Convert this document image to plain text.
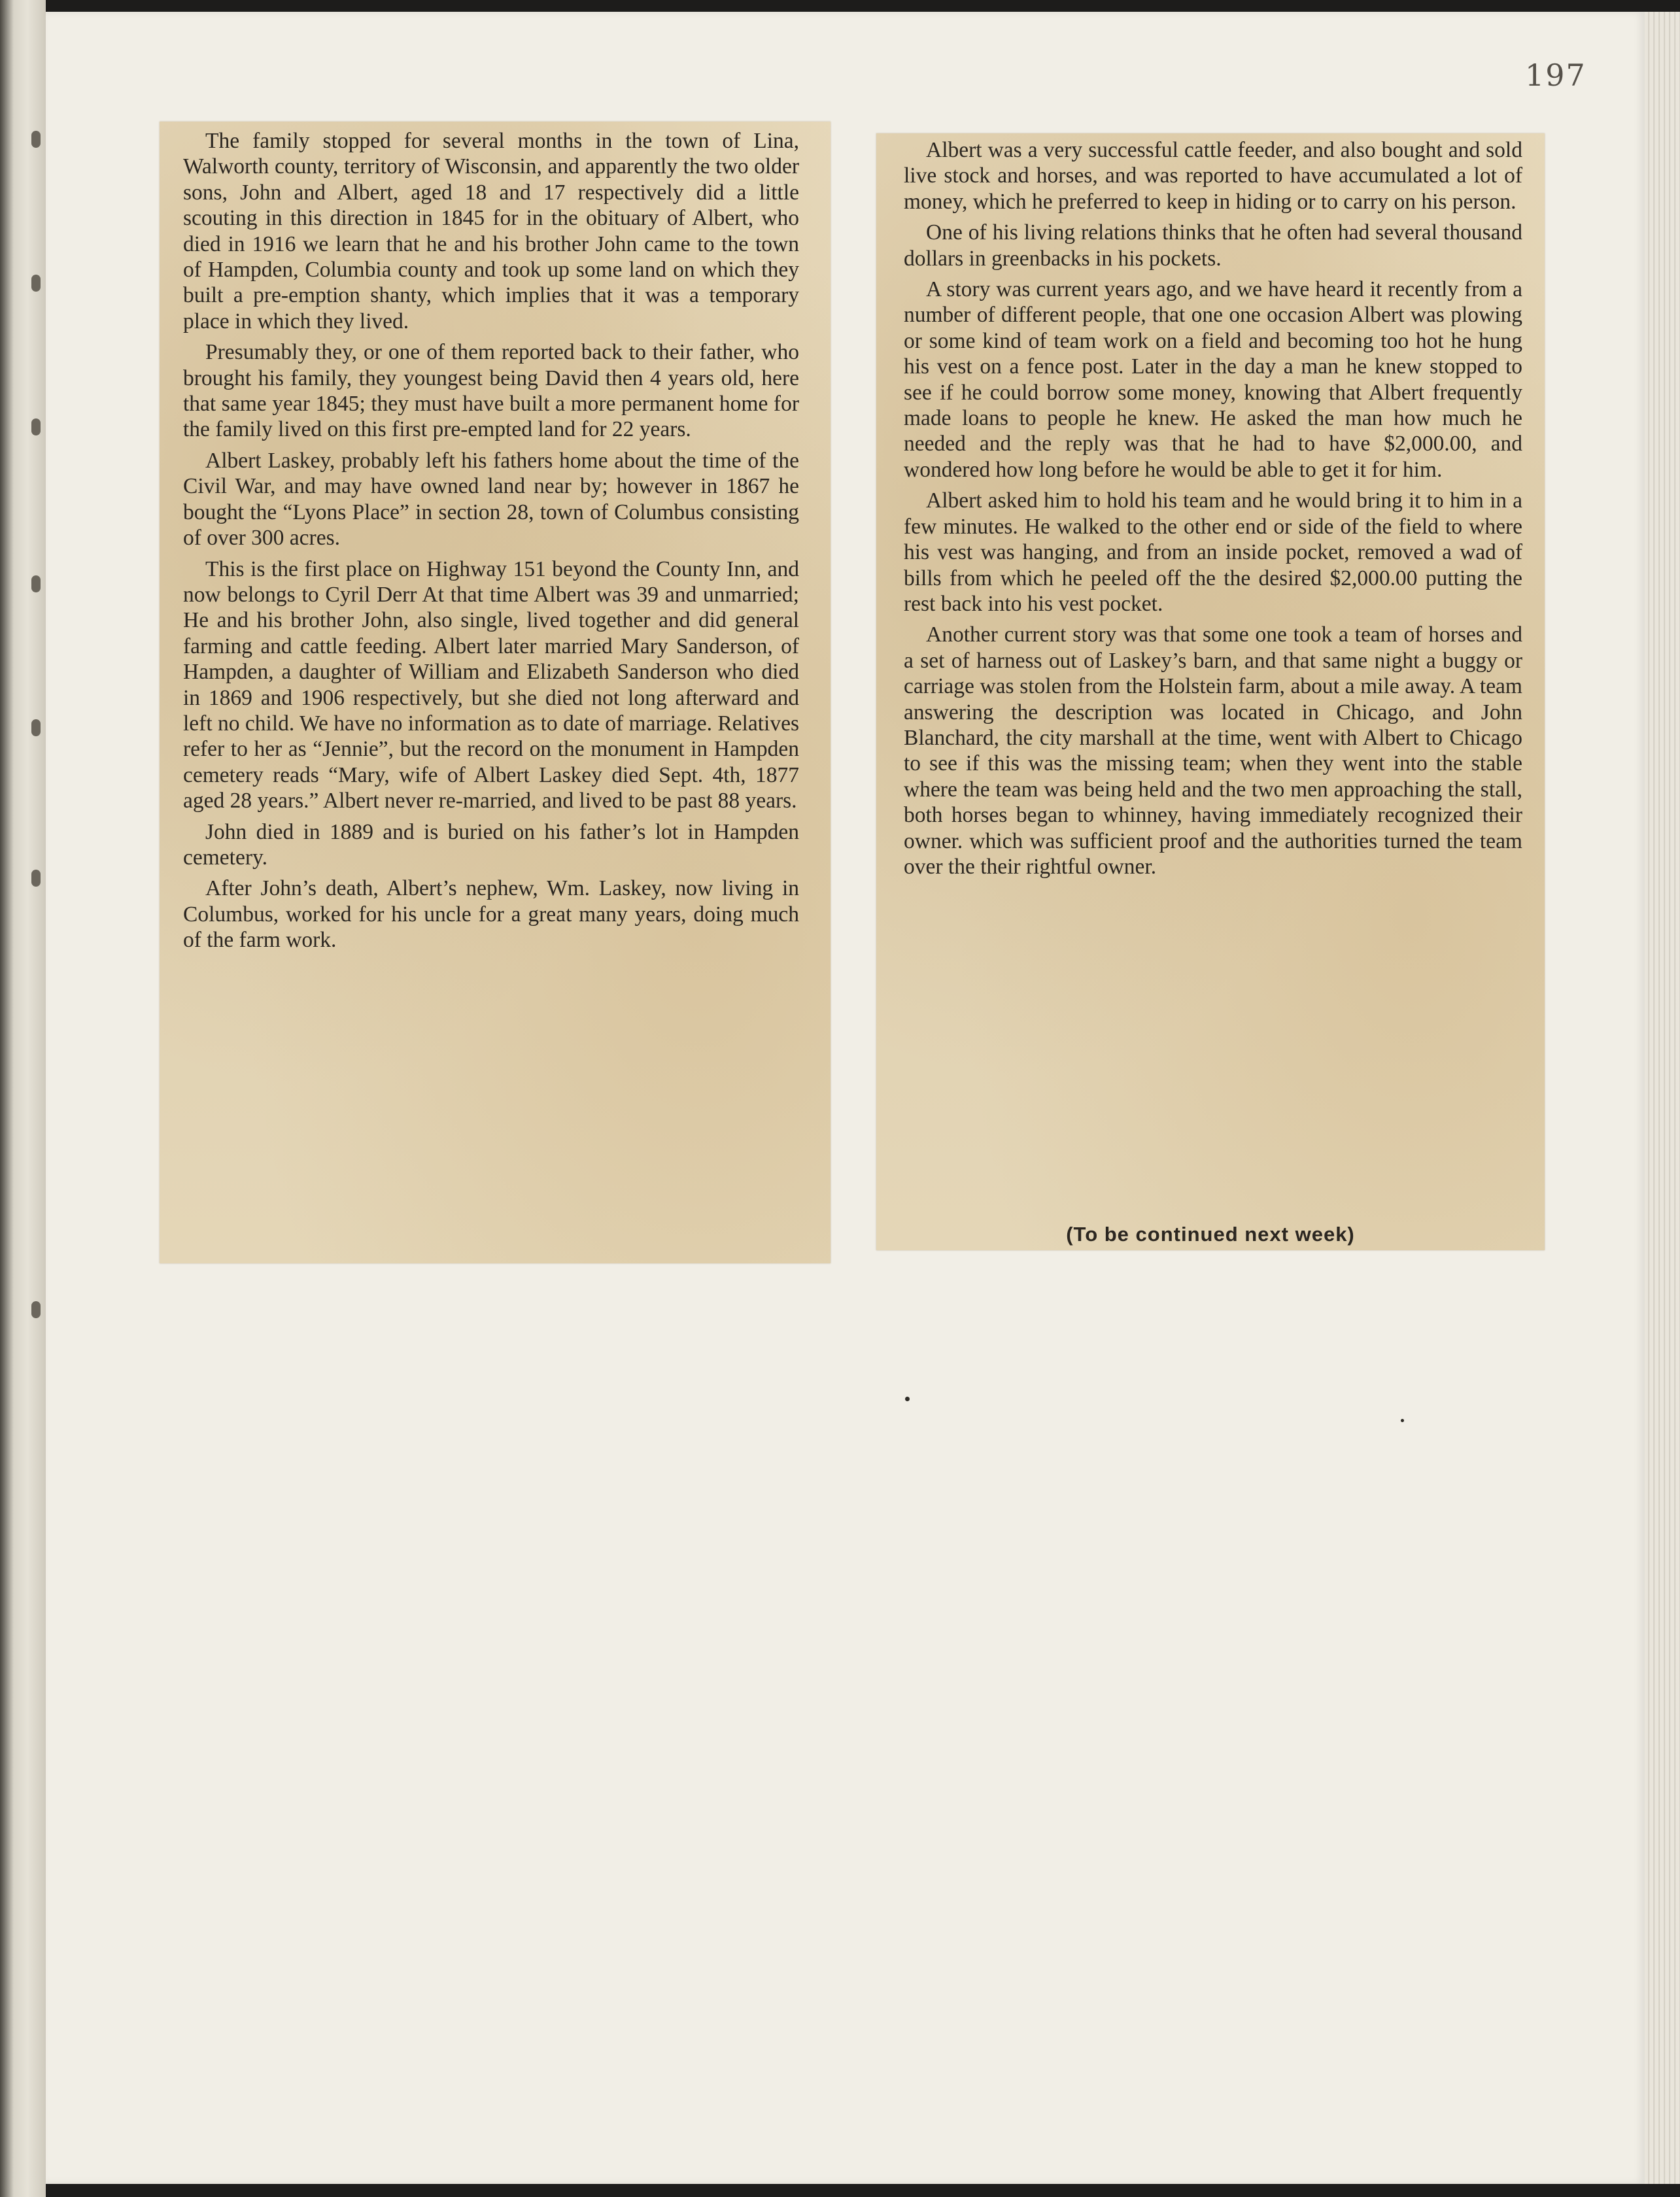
197

The family stopped for several months in the town of Lina, Walworth county, territory of Wisconsin, and apparently the two older sons, John and Albert, aged 18 and 17 respectively did a little scouting in this direction in 1845 for in the obituary of Albert, who died in 1916 we learn that he and his brother John came to the town of Hampden, Columbia county and took up some land on which they built a pre-emption shanty, which implies that it was a temporary place in which they lived.

Presumably they, or one of them reported back to their father, who brought his family, they youngest being David then 4 years old, here that same year 1845; they must have built a more permanent home for the family lived on this first pre-empted land for 22 years.

Albert Laskey, probably left his fathers home about the time of the Civil War, and may have owned land near by; however in 1867 he bought the “Lyons Place” in section 28, town of Columbus consisting of over 300 acres.

This is the first place on Highway 151 beyond the County Inn, and now belongs to Cyril Derr At that time Albert was 39 and unmarried; He and his brother John, also single, lived together and did general farming and cattle feeding. Albert later married Mary Sanderson, of Hampden, a daughter of William and Elizabeth Sanderson who died in 1869 and 1906 respectively, but she died not long afterward and left no child. We have no information as to date of marriage. Relatives refer to her as “Jennie”, but the record on the monument in Hampden cemetery reads “Mary, wife of Albert Laskey died Sept. 4th, 1877 aged 28 years.” Albert never re-married, and lived to be past 88 years.

John died in 1889 and is buried on his father’s lot in Hampden cemetery.

After John’s death, Albert’s nephew, Wm. Laskey, now living in Columbus, worked for his uncle for a great many years, doing much of the farm work.

Albert was a very successful cattle feeder, and also bought and sold live stock and horses, and was reported to have accumulated a lot of money, which he preferred to keep in hiding or to carry on his person.

One of his living relations thinks that he often had several thousand dollars in greenbacks in his pockets.

A story was current years ago, and we have heard it recently from a number of different people, that one one occasion Albert was plowing or some kind of team work on a field and becoming too hot he hung his vest on a fence post. Later in the day a man he knew stopped to see if he could borrow some money, knowing that Albert frequently made loans to people he knew. He asked the man how much he needed and the reply was that he had to have $2,000.00, and wondered how long before he would be able to get it for him.

Albert asked him to hold his team and he would bring it to him in a few minutes. He walked to the other end or side of the field to where his vest was hanging, and from an inside pocket, removed a wad of bills from which he peeled off the the desired $2,000.00 putting the rest back into his vest pocket.

Another current story was that some one took a team of horses and a set of harness out of Laskey’s barn, and that same night a buggy or carriage was stolen from the Holstein farm, about a mile away. A team answering the description was located in Chicago, and John Blanchard, the city marshall at the time, went with Albert to Chicago to see if this was the missing team; when they went into the stable where the team was being held and the two men approaching the stall, both horses began to whinney, having immediately recognized their owner. which was sufficient proof and the authorities turned the team over the their rightful owner.

(To be continued next week)
